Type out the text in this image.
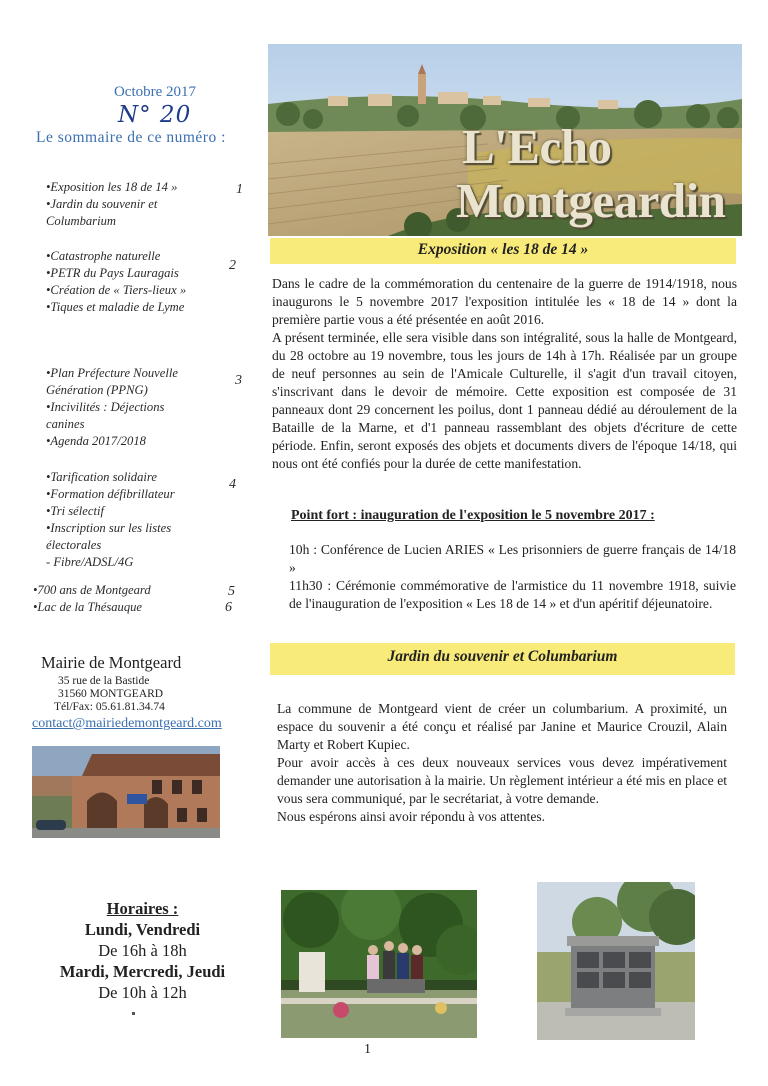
Octobre 2017
N° 20
Le sommaire de ce numéro :
• Exposition les 18 de 14 »
• Jardin du souvenir et Columbarium
1
• Catastrophe naturelle
• PETR du Pays Lauragais
• Création de « Tiers-lieux »
• Tiques et maladie de Lyme
2
• Plan Préfecture Nouvelle Génération (PPNG)
• Incivilités : Déjections canines
• Agenda 2017/2018
3
• Tarification solidaire
• Formation défibrillateur
• Tri sélectif
• Inscription sur les listes électorales
- Fibre/ADSL/4G
4
• 700 ans de Montgeard
• Lac de la Thésauque
5
6
Mairie de Montgeard
35 rue de la Bastide
31560 MONTGEARD
Tél/Fax: 05.61.81.34.74
contact@mairiedemontgeard.com
Horaires :
Lundi, Vendredi
De 16h à 18h
Mardi, Mercredi, Jeudi
De 10h à 12h
L'Echo
Montgeardin
Exposition « les 18 de 14 »

Dans le cadre de la commémoration du centenaire de la guerre de 1914/1918, nous inaugurons le 5 novembre 2017 l'exposition intitulée les « 18 de 14 » dont la première partie vous a été présentée en août 2016.

A présent terminée, elle sera visible dans son intégralité, sous la halle de Montgeard, du 28 octobre au 19 novembre, tous les jours de 14h à 17h. Réalisée par un groupe de neuf personnes au sein de l'Amicale Culturelle, il s'agit d'un travail citoyen, s'inscrivant dans le devoir de mémoire. Cette exposition est composée de 31 panneaux dont 29 concernent les poilus, dont 1 panneau dédié au déroulement de la Bataille de la Marne, et d'1 panneau rassemblant des objets d'écriture de cette période. Enfin, seront exposés des objets et documents divers de l'époque 14/18, qui nous ont été confiés pour la durée de cette manifestation.

Point fort : inauguration de l'exposition le 5 novembre 2017 :

10h : Conférence de Lucien ARIES « Les prisonniers de guerre français de 14/18 »

11h30 : Cérémonie commémorative de l'armistice du 11 novembre 1918, suivie de l'inauguration de l'exposition « Les 18 de 14 » et d'un apéritif déjeunatoire.

Jardin du souvenir et Columbarium

La commune de Montgeard vient de créer un columbarium. A proximité, un espace du souvenir a été conçu et réalisé par Janine et Maurice Crouzil, Alain Marty et Robert Kupiec.

Pour avoir accès à ces deux nouveaux services vous devez impérativement demander une autorisation à la mairie. Un règlement intérieur a été mis en place et vous sera communiqué, par le secrétariat, à votre demande.

Nous espérons ainsi avoir répondu à vos attentes.

1
